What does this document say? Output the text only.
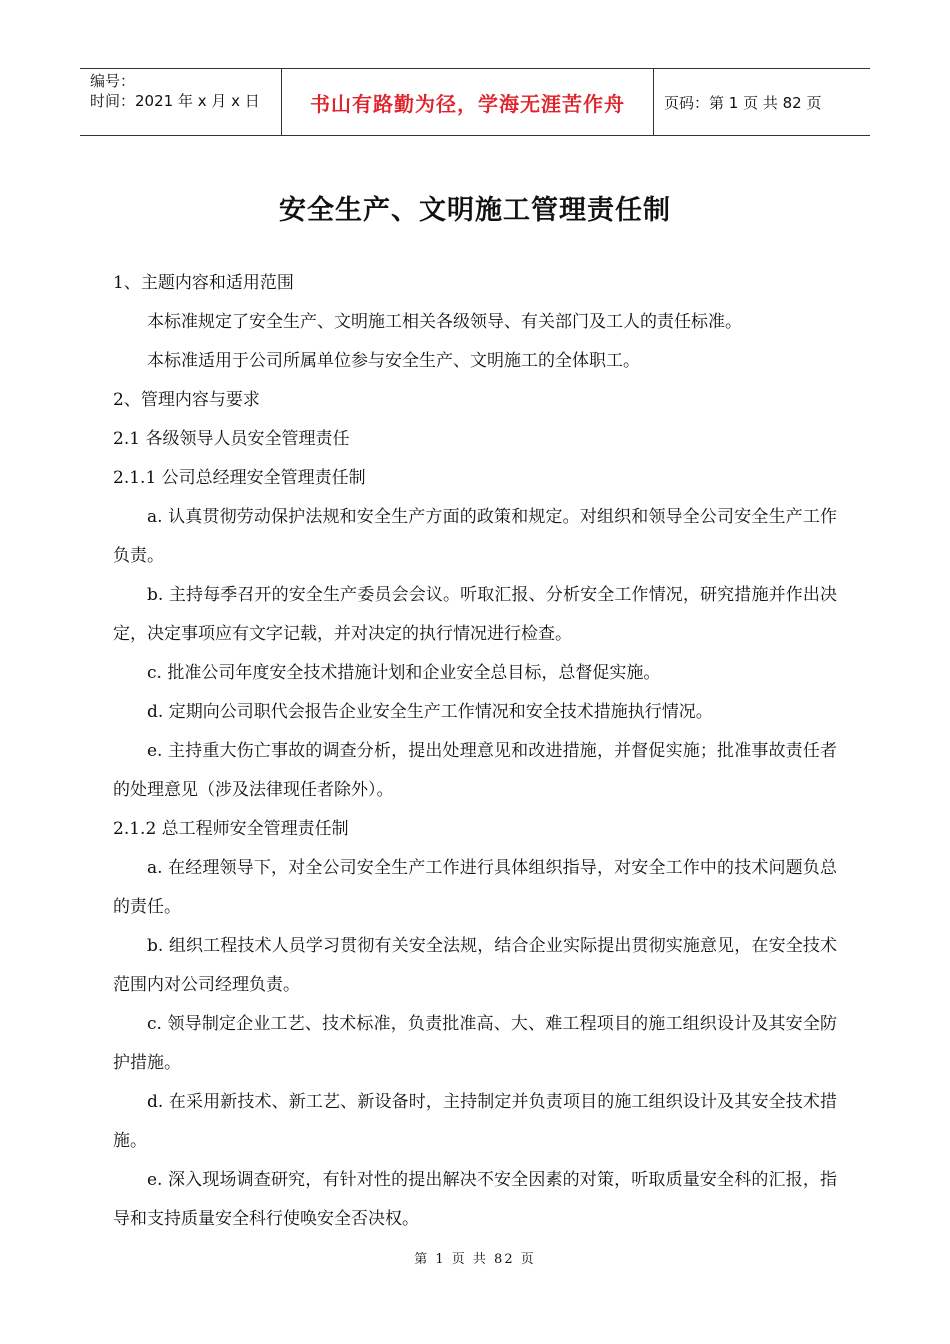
编号：
时间：2021 年 x 月 x 日	书山有路勤为径，学海无涯苦作舟	页码：第 1 页 共 82 页
安全生产、文明施工管理责任制
1、主题内容和适用范围
本标准规定了安全生产、文明施工相关各级领导、有关部门及工人的责任标准。
本标准适用于公司所属单位参与安全生产、文明施工的全体职工。
2、管理内容与要求
2.1 各级领导人员安全管理责任
2.1.1 公司总经理安全管理责任制
a. 认真贯彻劳动保护法规和安全生产方面的政策和规定。对组织和领导全公司安全生产工作负责。
b. 主持每季召开的安全生产委员会会议。听取汇报、分析安全工作情况，研究措施并作出决定，决定事项应有文字记载，并对决定的执行情况进行检查。
c. 批准公司年度安全技术措施计划和企业安全总目标，总督促实施。
d. 定期向公司职代会报告企业安全生产工作情况和安全技术措施执行情况。
e. 主持重大伤亡事故的调查分析，提出处理意见和改进措施，并督促实施；批准事故责任者的处理意见（涉及法律现任者除外）。
2.1.2 总工程师安全管理责任制
a. 在经理领导下，对全公司安全生产工作进行具体组织指导，对安全工作中的技术问题负总的责任。
b. 组织工程技术人员学习贯彻有关安全法规，结合企业实际提出贯彻实施意见，在安全技术范围内对公司经理负责。
c. 领导制定企业工艺、技术标准，负责批准高、大、难工程项目的施工组织设计及其安全防护措施。
d. 在采用新技术、新工艺、新设备时，主持制定并负责项目的施工组织设计及其安全技术措施。
e. 深入现场调查研究，有针对性的提出解决不安全因素的对策，听取质量安全科的汇报，指导和支持质量安全科行使唤安全否决权。
第 1 页 共 82 页
